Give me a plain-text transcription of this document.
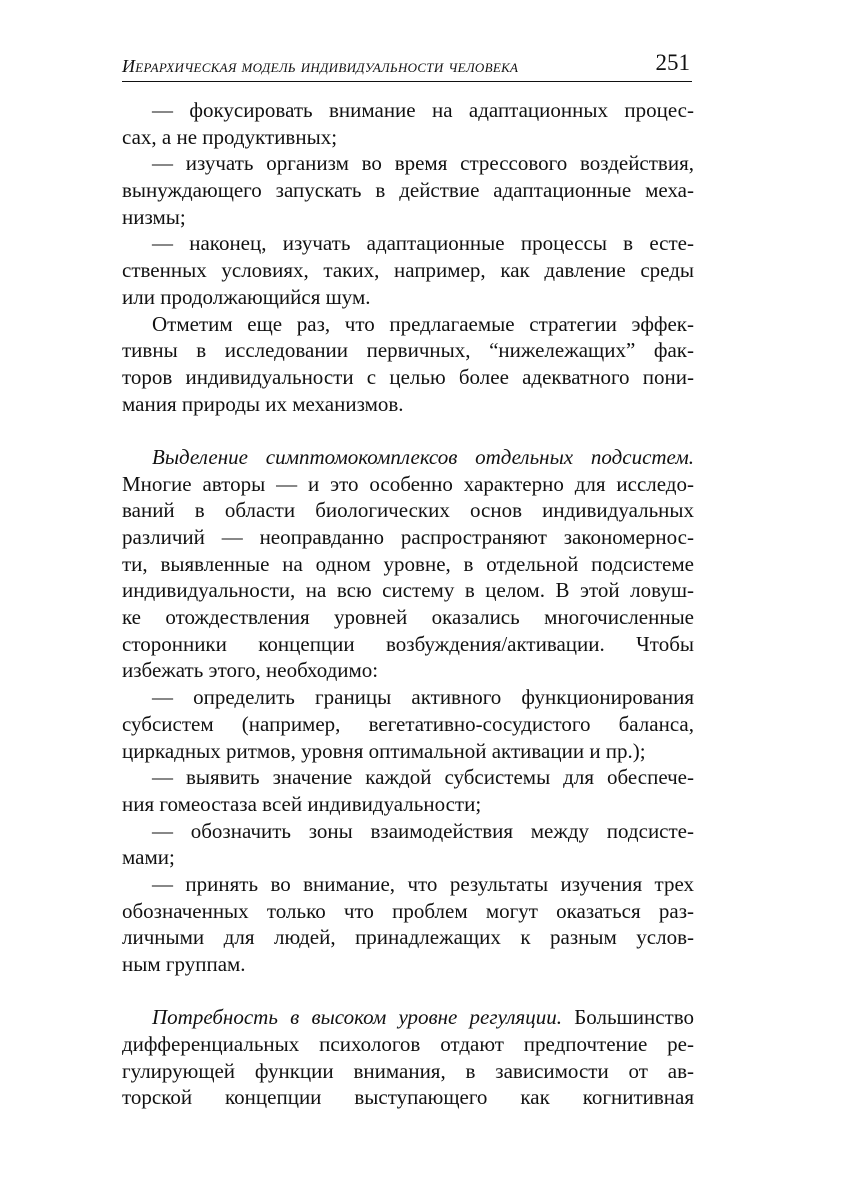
Иерархическая модель индивидуальности человека	251
— фокусировать внимание на адаптационных процес-
сах, а не продуктивных;
— изучать организм во время стрессового воздействия,
вынуждающего запускать в действие адаптационные меха-
низмы;
— наконец, изучать адаптационные процессы в есте-
ственных условиях, таких, например, как давление среды
или продолжающийся шум.
Отметим еще раз, что предлагаемые стратегии эффек-
тивны в исследовании первичных, “нижележащих” фак-
торов индивидуальности с целью более адекватного пони-
мания природы их механизмов.
Выделение симптомокомплексов отдельных подсистем.
Многие авторы — и это особенно характерно для исследо-
ваний в области биологических основ индивидуальных
различий — неоправданно распространяют закономернос-
ти, выявленные на одном уровне, в отдельной подсистеме
индивидуальности, на всю систему в целом. В этой ловуш-
ке отождествления уровней оказались многочисленные
сторонники концепции возбуждения/активации. Чтобы
избежать этого, необходимо:
— определить границы активного функционирования
субсистем (например, вегетативно-сосудистого баланса,
циркадных ритмов, уровня оптимальной активации и пр.);
— выявить значение каждой субсистемы для обеспече-
ния гомеостаза всей индивидуальности;
— обозначить зоны взаимодействия между подсисте-
мами;
— принять во внимание, что результаты изучения трех
обозначенных только что проблем могут оказаться раз-
личными для людей, принадлежащих к разным услов-
ным группам.
Потребность в высоком уровне регуляции. Большинство
дифференциальных психологов отдают предпочтение ре-
гулирующей функции внимания, в зависимости от ав-
торской концепции выступающего как когнитивная
